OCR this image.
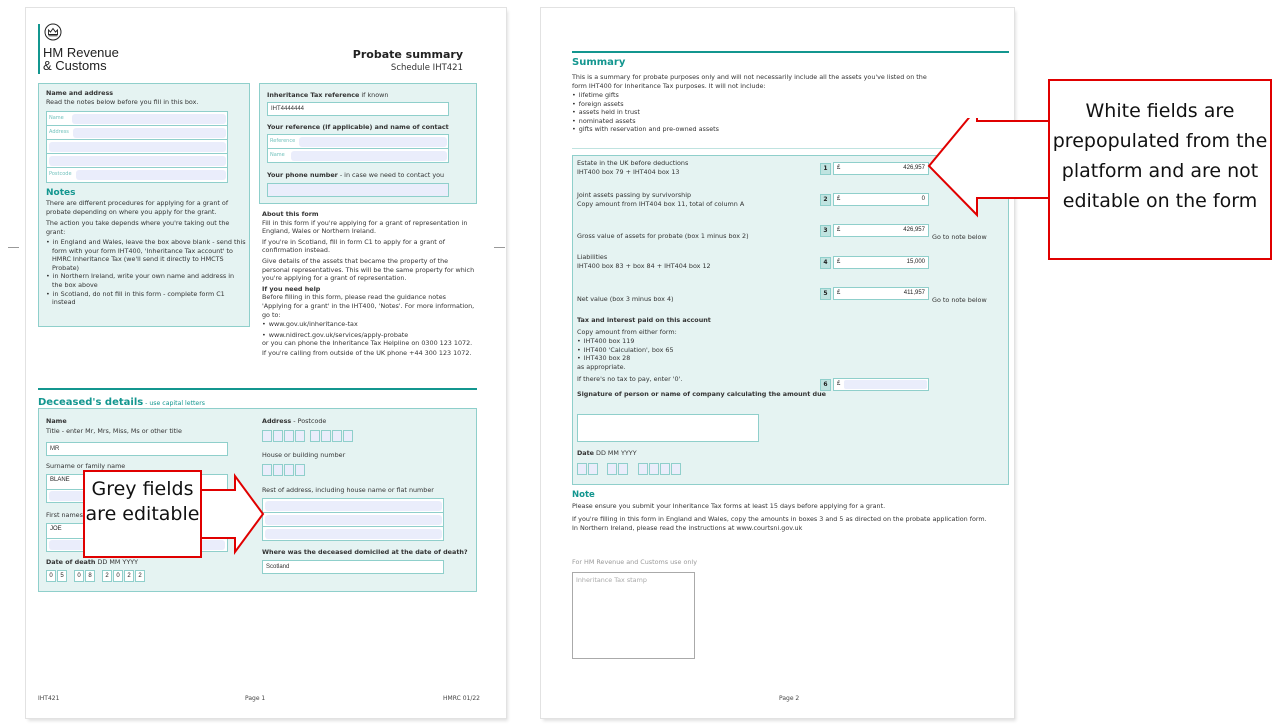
HM Revenue
& Customs
Probate summary
Schedule IHT421
Name and address
Read the notes below before you fill in this box.
Name
Address
Postcode
Notes
There are different procedures for applying for a grant of probate depending on where you apply for the grant.
The action you take depends where you're taking out the grant:
• in England and Wales, leave the box above blank - send this form with your form IHT400, 'Inheritance Tax account' to HMRC Inheritance Tax (we'll send it directly to HMCTS Probate)
• in Northern Ireland, write your own name and address in the box above
• in Scotland, do not fill in this form - complete form C1 instead
Inheritance Tax reference if known
IHT4444444
Your reference (if applicable) and name of contact
Reference
Name
Your phone number - in case we need to contact you
About this form
Fill in this form if you're applying for a grant of representation in England, Wales or Northern Ireland.
If you're in Scotland, fill in form C1 to apply for a grant of confirmation instead.
Give details of the assets that became the property of the personal representatives. This will be the same property for which you're applying for a grant of representation.
If you need help
Before filling in this form, please read the guidance notes 'Applying for a grant' in the IHT400, 'Notes'. For more information, go to:
• www.gov.uk/inheritance-tax
• www.nidirect.gov.uk/services/apply-probate
or you can phone the Inheritance Tax Helpline on 0300 123 1072.
If you're calling from outside of the UK phone +44 300 123 1072.
Name
Title - enter Mr, Mrs, Miss, Ms or other title
MR
Surname or family name
BLANE
First names
JOE
Date of death DD MM YYYY
0	5	0	8	2	0	2	2
Address - Postcode
House or building number
Rest of address, including house name or flat number
Where was the deceased domiciled at the date of death?
Scotland
Deceased's details - use capital letters
IHT421	Page 1	HMRC 01/22
Summary
This is a summary for probate purposes only and will not necessarily include all the assets you've listed on the form IHT400 for Inheritance Tax purposes. It will not include:
• lifetime gifts
• foreign assets
• assets held in trust
• nominated assets
• gifts with reservation and pre-owned assets
Estate in the UK before deductions
IHT400 box 79 + IHT404 box 13	1	£	426,957
Joint assets passing by survivorship
Copy amount from IHT404 box 11, total of column A
2	£	0
Gross value of assets for probate (box 1 minus box 2)
3	£	426,957
Go to note below
Liabilities
IHT400 box 83 + box 84 + IHT404 box 12	4	£	15,000
Net value (box 3 minus box 4)
5	£	411,957
Go to note below
Tax and interest paid on this account
Copy amount from either form:
• IHT400 box 119
• IHT400 'Calculation', box 65
• IHT430 box 28
as appropriate.
If there's no tax to pay, enter '0'.
6	£
Signature of person or name of company calculating the amount due
Date DD MM YYYY
Note
Please ensure you submit your Inheritance Tax forms at least 15 days before applying for a grant.
If you're filling in this form in England and Wales, copy the amounts in boxes 3 and 5 as directed on the probate application form.
In Northern Ireland, please read the instructions at www.courtsni.gov.uk
For HM Revenue and Customs use only
Inheritance Tax stamp
Page 2
Grey fields are editable
White fields are prepopulated from the platform and are not editable on the form
